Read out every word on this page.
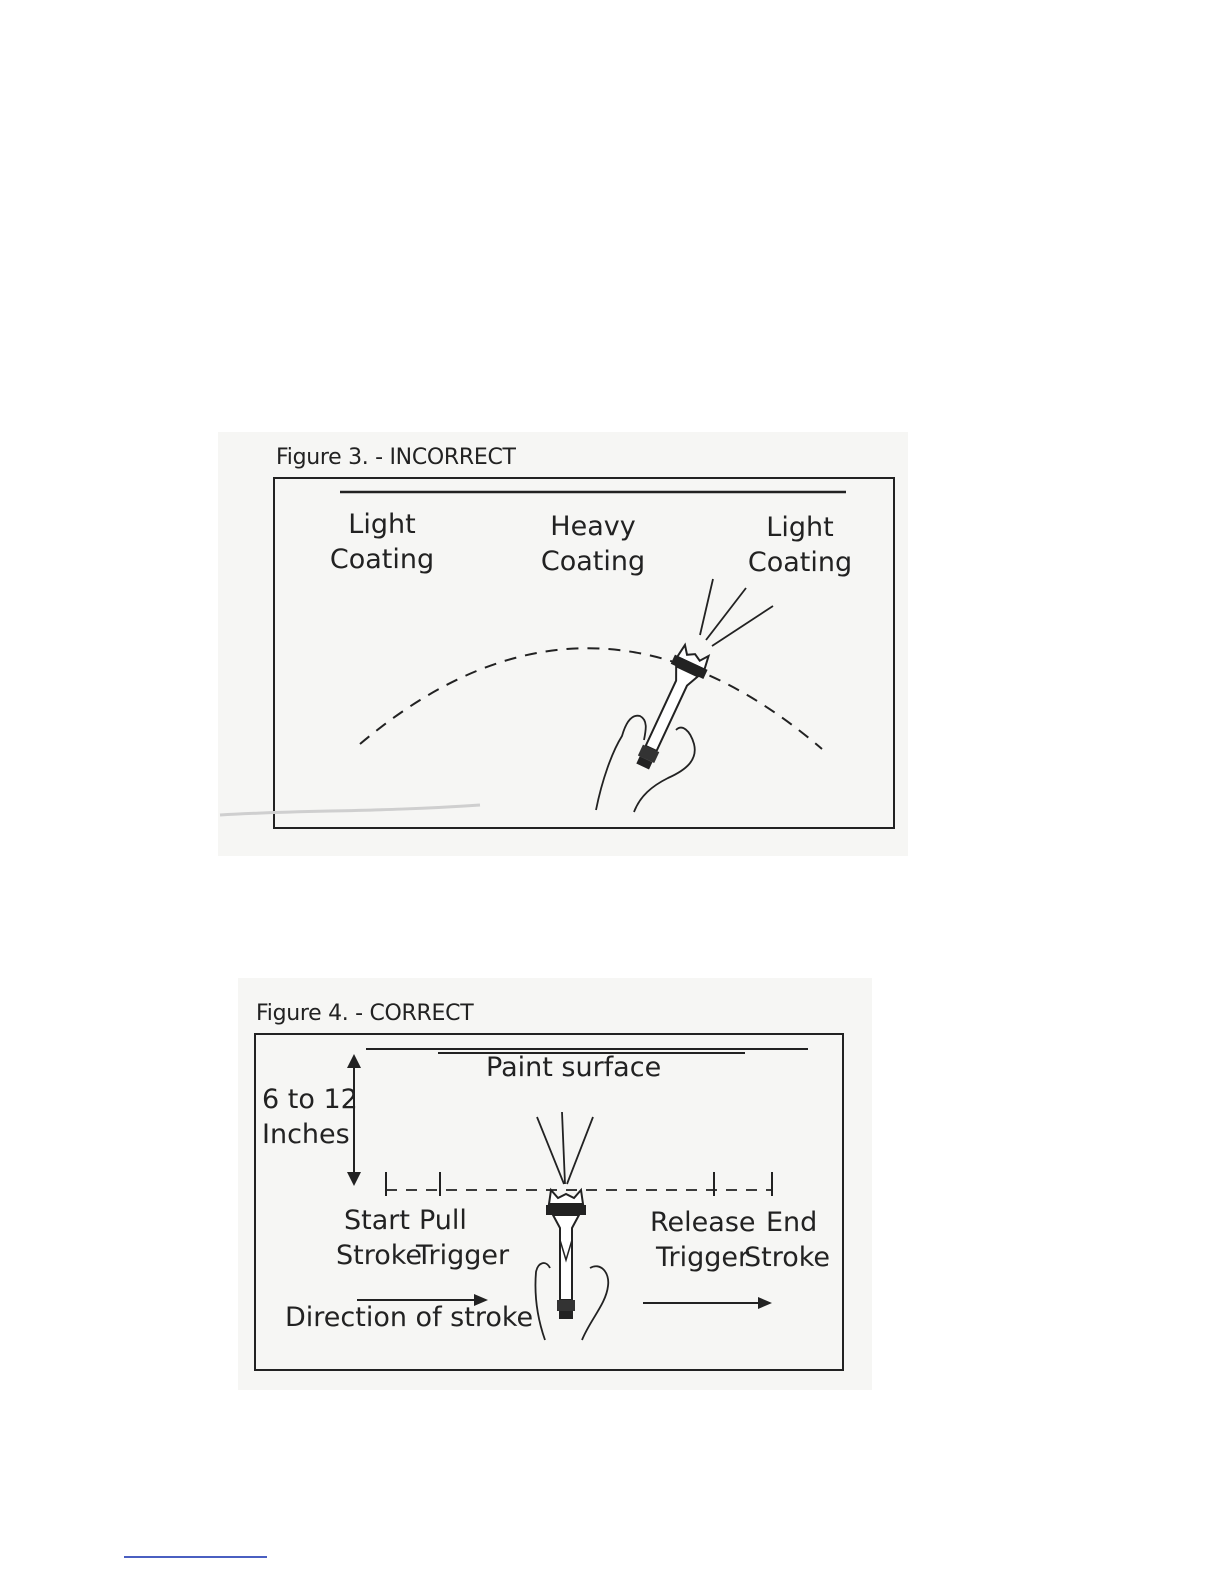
Figure 3. - INCORRECT
Light
Coating
Heavy
Coating
Light
Coating
Figure 4. - CORRECT
Paint surface
6 to 12
Inches
Start
Stroke
Pull
Trigger
Release
Trigger
End
Stroke
Direction of stroke
